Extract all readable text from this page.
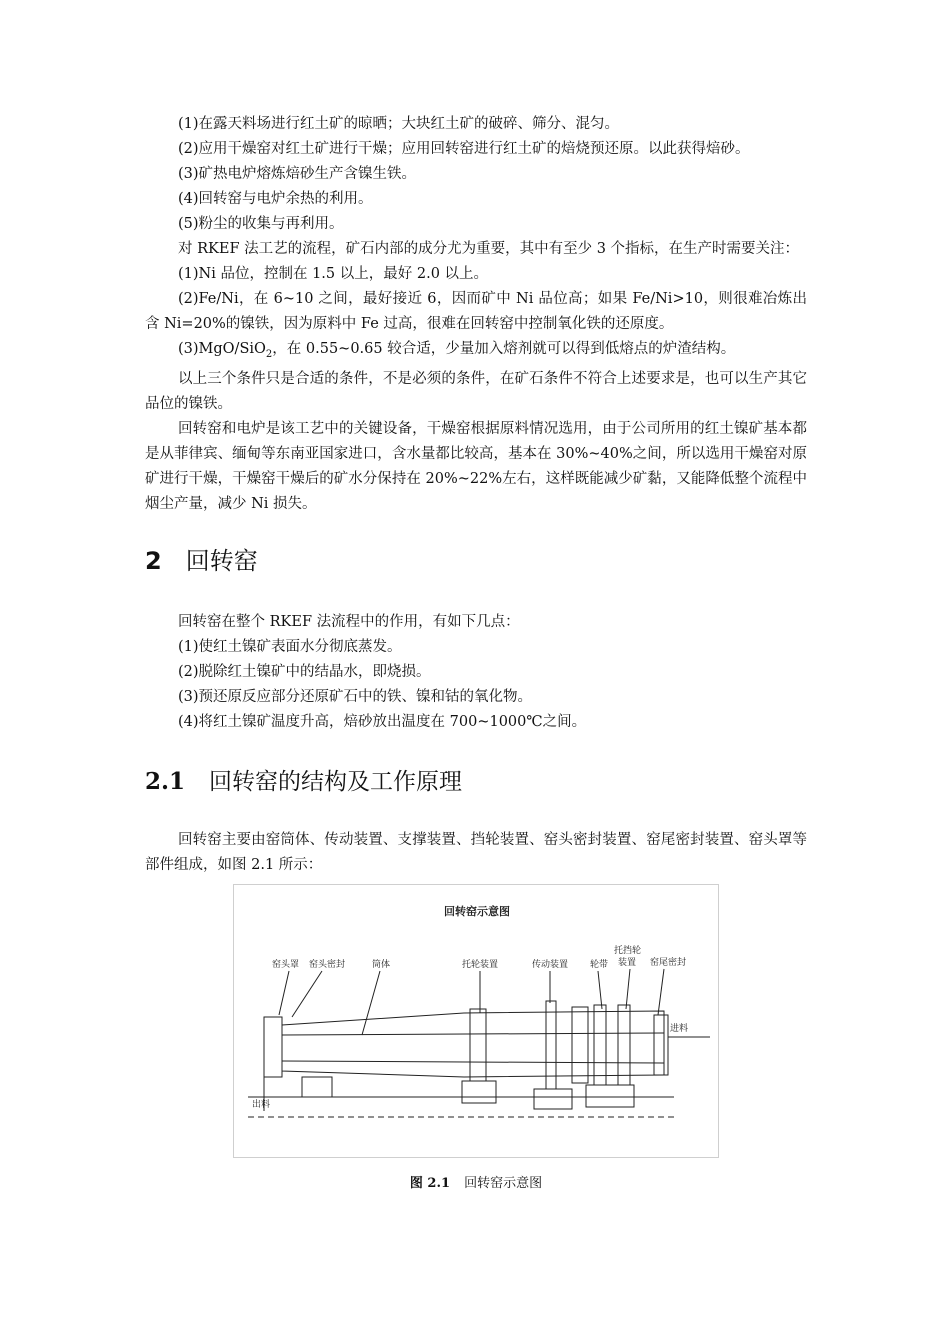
(1)在露天料场进行红土矿的晾晒；大块红土矿的破碎、筛分、混匀。

(2)应用干燥窑对红土矿进行干燥；应用回转窑进行红土矿的焙烧预还原。以此获得焙砂。

(3)矿热电炉熔炼焙砂生产含镍生铁。

(4)回转窑与电炉余热的利用。

(5)粉尘的收集与再利用。

对 RKEF 法工艺的流程，矿石内部的成分尤为重要，其中有至少 3 个指标，在生产时需要关注：

(1)Ni 品位，控制在 1.5 以上，最好 2.0 以上。

(2)Fe/Ni，在 6~10 之间，最好接近 6，因而矿中 Ni 品位高；如果 Fe/Ni>10，则很难冶炼出含 Ni=20%的镍铁，因为原料中 Fe 过高，很难在回转窑中控制氧化铁的还原度。

(3)MgO/SiO$_2$，在 0.55~0.65 较合适，少量加入熔剂就可以得到低熔点的炉渣结构。

以上三个条件只是合适的条件，不是必须的条件，在矿石条件不符合上述要求是，也可以生产其它品位的镍铁。

回转窑和电炉是该工艺中的关键设备，干燥窑根据原料情况选用，由于公司所用的红土镍矿基本都是从菲律宾、缅甸等东南亚国家进口，含水量都比较高，基本在 30%~40%之间，所以选用干燥窑对原矿进行干燥，干燥窑干燥后的矿水分保持在 20%~22%左右，这样既能减少矿黏，又能降低整个流程中烟尘产量，减少 Ni 损失。

2 回转窑

回转窑在整个 RKEF 法流程中的作用，有如下几点：

(1)使红土镍矿表面水分彻底蒸发。

(2)脱除红土镍矿中的结晶水，即烧损。

(3)预还原反应部分还原矿石中的铁、镍和钴的氧化物。

(4)将红土镍矿温度升高，焙砂放出温度在 700~1000℃之间。

2.1 回转窑的结构及工作原理

回转窑主要由窑筒体、传动装置、支撑装置、挡轮装置、窑头密封装置、窑尾密封装置、窑头罩等部件组成，如图 2.1 所示：

回转窑示意图
窑头罩 窑头密封	筒体	托轮装置	传动装置 轮带
托挡轮
装置 窑尾密封
进料
出料
图 2.1 回转窑示意图
